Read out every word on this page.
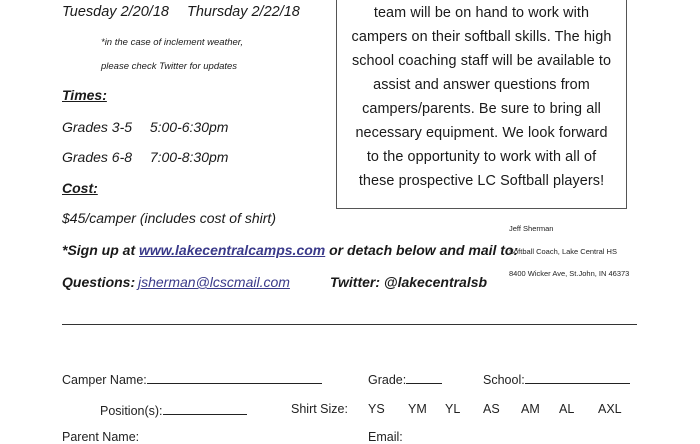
Tuesday 2/20/18 Thursday 2/22/18
*in the case of inclement weather,
please check Twitter for updates
Times:
Grades 3-5 5:00-6:30pm
Grades 6-8 7:00-8:30pm
Cost:
$45/camper (includes cost of shirt)
*Sign up at www.lakecentralcamps.com or detach below and mail to:
Questions: jsherman@lcscmail.com	Twitter: @lakecentralsb
team will be on hand to work with
campers on their softball skills. The high
school coaching staff will be available to
assist and answer questions from
campers/parents. Be sure to bring all
necessary equipment. We look forward
to the opportunity to work with all of
these prospective LC Softball players!
Jeff Sherman
Softball Coach, Lake Central HS
8400 Wicker Ave, St.John, IN 46373
Camper Name:	Grade:	School:
Position(s):	Shirt Size: YS YM YL AS AM AL AXL
Parent Name:	Email:
